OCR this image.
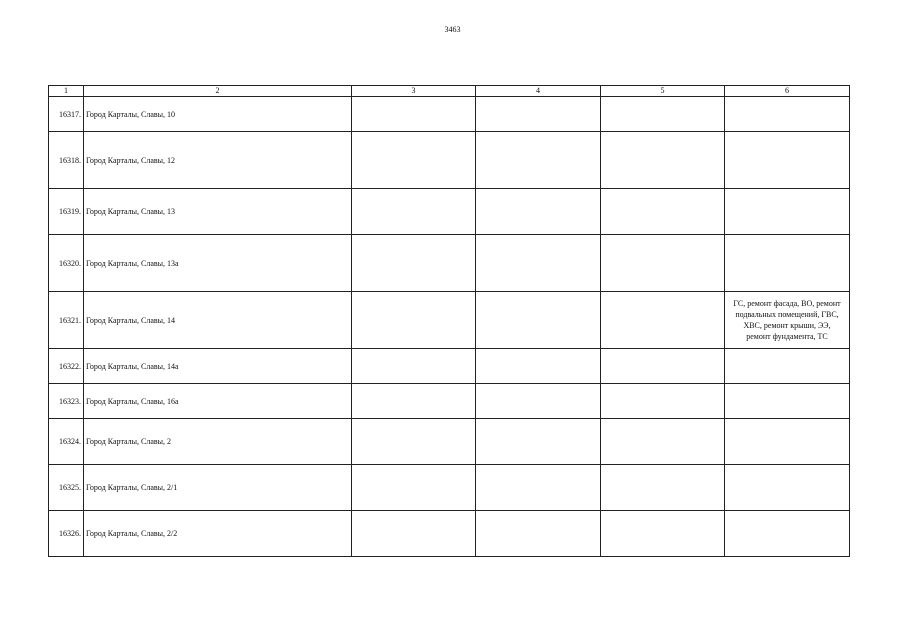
3463
1	2	3	4	5	6
16317.	Город Карталы, Славы, 10				
16318.	Город Карталы, Славы, 12				
16319.	Город Карталы, Славы, 13				
16320.	Город Карталы, Славы, 13а				
16321.	Город Карталы, Славы, 14				ГС, ремонт фасада, ВО, ремонт
подвальных помещений, ГВС,
ХВС, ремонт крыши, ЭЭ,
ремонт фундамента, ТС

16322.	Город Карталы, Славы, 14а				
16323.	Город Карталы, Славы, 16а				
16324.	Город Карталы, Славы, 2				
16325.	Город Карталы, Славы, 2/1				
16326.	Город Карталы, Славы, 2/2				
